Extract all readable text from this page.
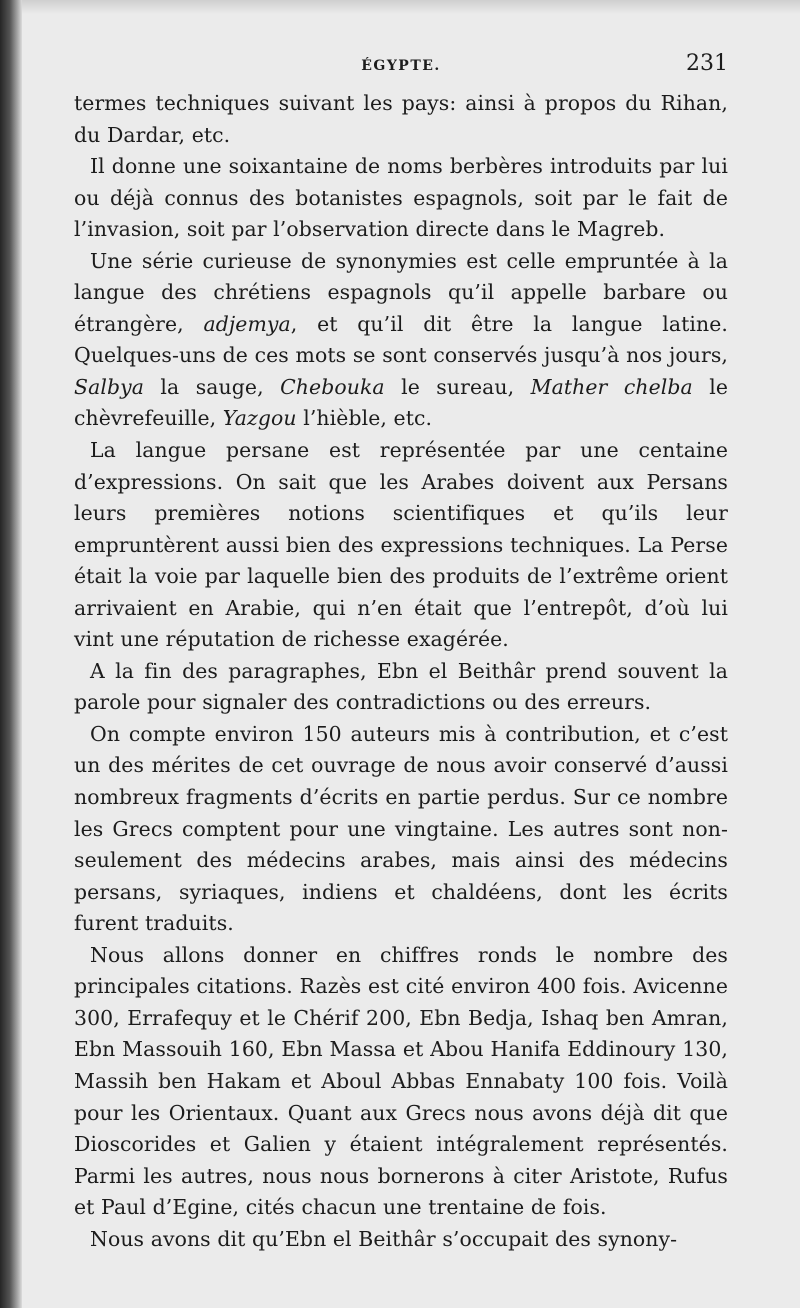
ÉGYPTE.	231

termes techniques suivant les pays: ainsi à propos du Rihan, du Dardar, etc.

Il donne une soixantaine de noms berbères introduits par lui ou déjà connus des botanistes espagnols, soit par le fait de l’invasion, soit par l’observation directe dans le Magreb.

Une série curieuse de synonymies est celle empruntée à la langue des chrétiens espagnols qu’il appelle barbare ou étrangère, adjemya, et qu’il dit être la langue latine. Quelques-uns de ces mots se sont conservés jusqu’à nos jours, Salbya la sauge, Chebouka le sureau, Mather chelba le chèvrefeuille, Yazgou l’hièble, etc.

La langue persane est représentée par une centaine d’expressions. On sait que les Arabes doivent aux Persans leurs premières notions scientifiques et qu’ils leur empruntèrent aussi bien des expressions techniques. La Perse était la voie par laquelle bien des produits de l’extrême orient arrivaient en Arabie, qui n’en était que l’entrepôt, d’où lui vint une réputation de richesse exagérée.

A la fin des paragraphes, Ebn el Beithâr prend souvent la parole pour signaler des contradictions ou des erreurs.

On compte environ 150 auteurs mis à contribution, et c’est un des mérites de cet ouvrage de nous avoir conservé d’aussi nombreux fragments d’écrits en partie perdus. Sur ce nombre les Grecs comptent pour une vingtaine. Les autres sont non-seulement des médecins arabes, mais ainsi des médecins persans, syriaques, indiens et chaldéens, dont les écrits furent traduits.

Nous allons donner en chiffres ronds le nombre des principales citations. Razès est cité environ 400 fois. Avicenne 300, Errafequy et le Chérif 200, Ebn Bedja, Ishaq ben Amran, Ebn Massouih 160, Ebn Massa et Abou Hanifa Eddinoury 130, Massih ben Hakam et Aboul Abbas Ennabaty 100 fois. Voilà pour les Orientaux. Quant aux Grecs nous avons déjà dit que Dioscorides et Galien y étaient intégralement représentés. Parmi les autres, nous nous bornerons à citer Aristote, Rufus et Paul d’Egine, cités chacun une trentaine de fois.

Nous avons dit qu’Ebn el Beithâr s’occupait des synony-
